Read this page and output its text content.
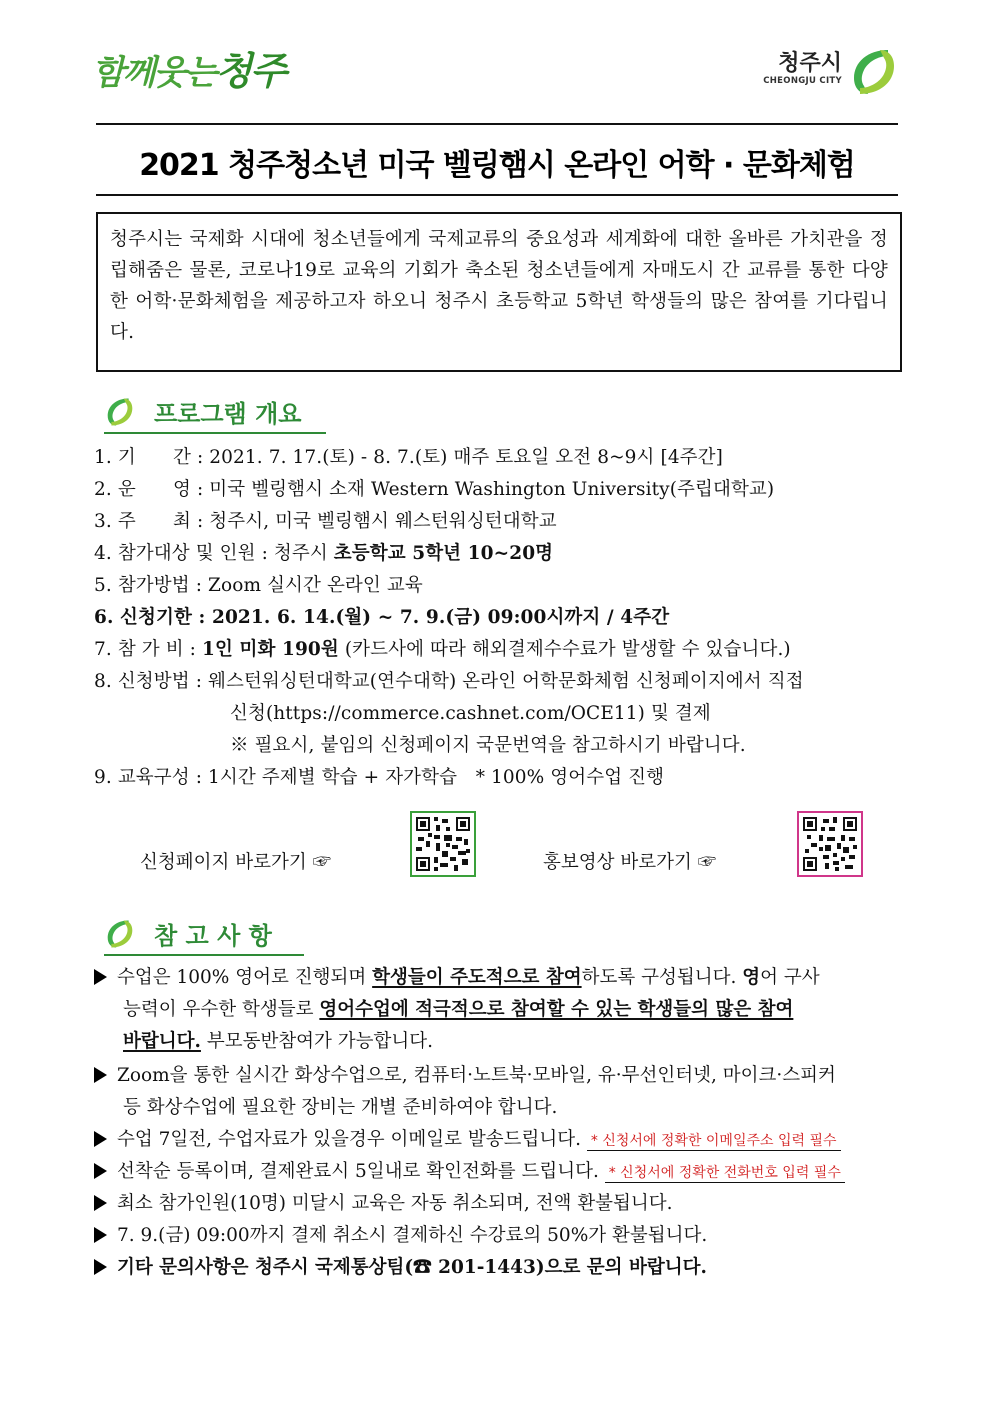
함께웃는청주	청주시
CHEONGJU CITY
2021 청주청소년 미국 벨링햄시 온라인 어학 · 문화체험
청주시는 국제화 시대에 청소년들에게 국제교류의 중요성과 세계화에 대한 올바른 가치관을 정립해줌은 물론, 코로나19로 교육의 기회가 축소된 청소년들에게 자매도시 간 교류를 통한 다양한 어학·문화체험을 제공하고자 하오니 청주시 초등학교 5학년 학생들의 많은 참여를 기다립니다.
프로그램 개요
1. 기　　간 : 2021. 7. 17.(토) - 8. 7.(토) 매주 토요일 오전 8~9시 [4주간]
2. 운　　영 : 미국 벨링햄시 소재 Western Washington University(주립대학교)
3. 주　　최 : 청주시, 미국 벨링햄시 웨스턴워싱턴대학교
4. 참가대상 및 인원 : 청주시 초등학교 5학년 10~20명
5. 참가방법 : Zoom 실시간 온라인 교육
6. 신청기한 : 2021. 6. 14.(월) ~ 7. 9.(금) 09:00시까지 / 4주간
7. 참 가 비 : 1인 미화 190원 (카드사에 따라 해외결제수수료가 발생할 수 있습니다.)
8. 신청방법 : 웨스턴워싱턴대학교(연수대학) 온라인 어학문화체험 신청페이지에서 직접
신청(https://commerce.cashnet.com/OCE11) 및 결제
※ 필요시, 붙임의 신청페이지 국문번역을 참고하시기 바랍니다.
9. 교육구성 : 1시간 주제별 학습 + 자가학습　* 100% 영어수업 진행
신청페이지 바로가기 ☞	홍보영상 바로가기 ☞
참 고 사 항
수업은 100% 영어로 진행되며 학생들이 주도적으로 참여하도록 구성됩니다. 영어 구사
능력이 우수한 학생들로 영어수업에 적극적으로 참여할 수 있는 학생들의 많은 참여
바랍니다. 부모동반참여가 가능합니다.
Zoom을 통한 실시간 화상수업으로, 컴퓨터·노트북·모바일, 유·무선인터넷, 마이크·스피커
등 화상수업에 필요한 장비는 개별 준비하여야 합니다.
수업 7일전, 수업자료가 있을경우 이메일로 발송드립니다. * 신청서에 정확한 이메일주소 입력 필수
선착순 등록이며, 결제완료시 5일내로 확인전화를 드립니다. * 신청서에 정확한 전화번호 입력 필수
최소 참가인원(10명) 미달시 교육은 자동 취소되며, 전액 환불됩니다.
7. 9.(금) 09:00까지 결제 취소시 결제하신 수강료의 50%가 환불됩니다.
기타 문의사항은 청주시 국제통상팀(☎ 201-1443)으로 문의 바랍니다.
